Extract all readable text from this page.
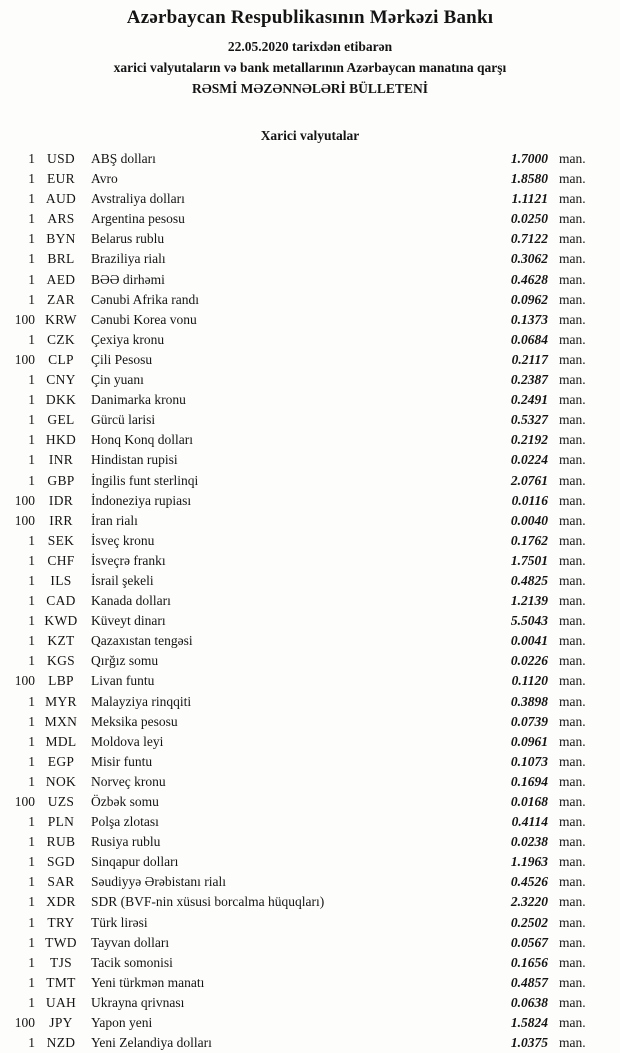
Azərbaycan Respublikasının Mərkəzi Bankı
22.05.2020 tarixdən etibarən
xarici valyutaların və bank metallarının Azərbaycan manatına qarşı
RƏSMİ MƏZƏNNƏLƏRİ BÜLLETENİ
Xarici valyutalar
1 USD	ABŞ dolları	1.7000 man.
1 EUR	Avro	1.8580 man.
1 AUD	Avstraliya dolları	1.1121 man.
1 ARS	Argentina pesosu	0.0250 man.
1 BYN	Belarus rublu	0.7122 man.
1 BRL	Braziliya rialı	0.3062 man.
1 AED	BƏƏ dirhəmi	0.4628 man.
1 ZAR	Cənubi Afrika randı	0.0962 man.
100 KRW	Cənubi Korea vonu	0.1373 man.
1 CZK	Çexiya kronu	0.0684 man.
100 CLP	Çili Pesosu	0.2117 man.
1 CNY	Çin yuanı	0.2387 man.
1 DKK	Danimarka kronu	0.2491 man.
1 GEL	Gürcü larisi	0.5327 man.
1 HKD	Honq Konq dolları	0.2192 man.
1	INR	Hindistan rupisi	0.0224 man.
1 GBP	İngilis funt sterlinqi	2.0761 man.
100	IDR	İndoneziya rupiası	0.0116 man.
100	IRR	İran rialı	0.0040 man.
1 SEK	İsveç kronu	0.1762 man.
1 CHF	İsveçrə frankı	1.7501 man.
1	ILS	İsrail şekeli	0.4825 man.
1 CAD	Kanada dolları	1.2139 man.
1 KWD Küveyt dinarı	5.5043 man.
1 KZT	Qazaxıstan tengəsi	0.0041 man.
1 KGS	Qırğız somu	0.0226 man.
100 LBP	Livan funtu	0.1120 man.
1 MYR	Malayziya rinqqiti	0.3898 man.
1 MXN	Meksika pesosu	0.0739 man.
1 MDL	Moldova leyi	0.0961 man.
1 EGP	Misir funtu	0.1073 man.
1 NOK	Norveç kronu	0.1694 man.
100 UZS	Özbək somu	0.0168 man.
1 PLN	Polşa zlotası	0.4114 man.
1 RUB	Rusiya rublu	0.0238 man.
1 SGD	Sinqapur dolları	1.1963 man.
1 SAR	Səudiyyə Ərəbistanı rialı	0.4526 man.
1 XDR	SDR (BVF-nin xüsusi borcalma hüquqları)	2.3220 man.
1 TRY	Türk lirəsi	0.2502 man.
1 TWD	Tayvan dolları	0.0567 man.
1	TJS	Tacik somonisi	0.1656 man.
1 TMT	Yeni türkmən manatı	0.4857 man.
1 UAH	Ukrayna qrivnası	0.0638 man.
100	JPY	Yapon yeni	1.5824 man.
1 NZD	Yeni Zelandiya dolları	1.0375 man.
